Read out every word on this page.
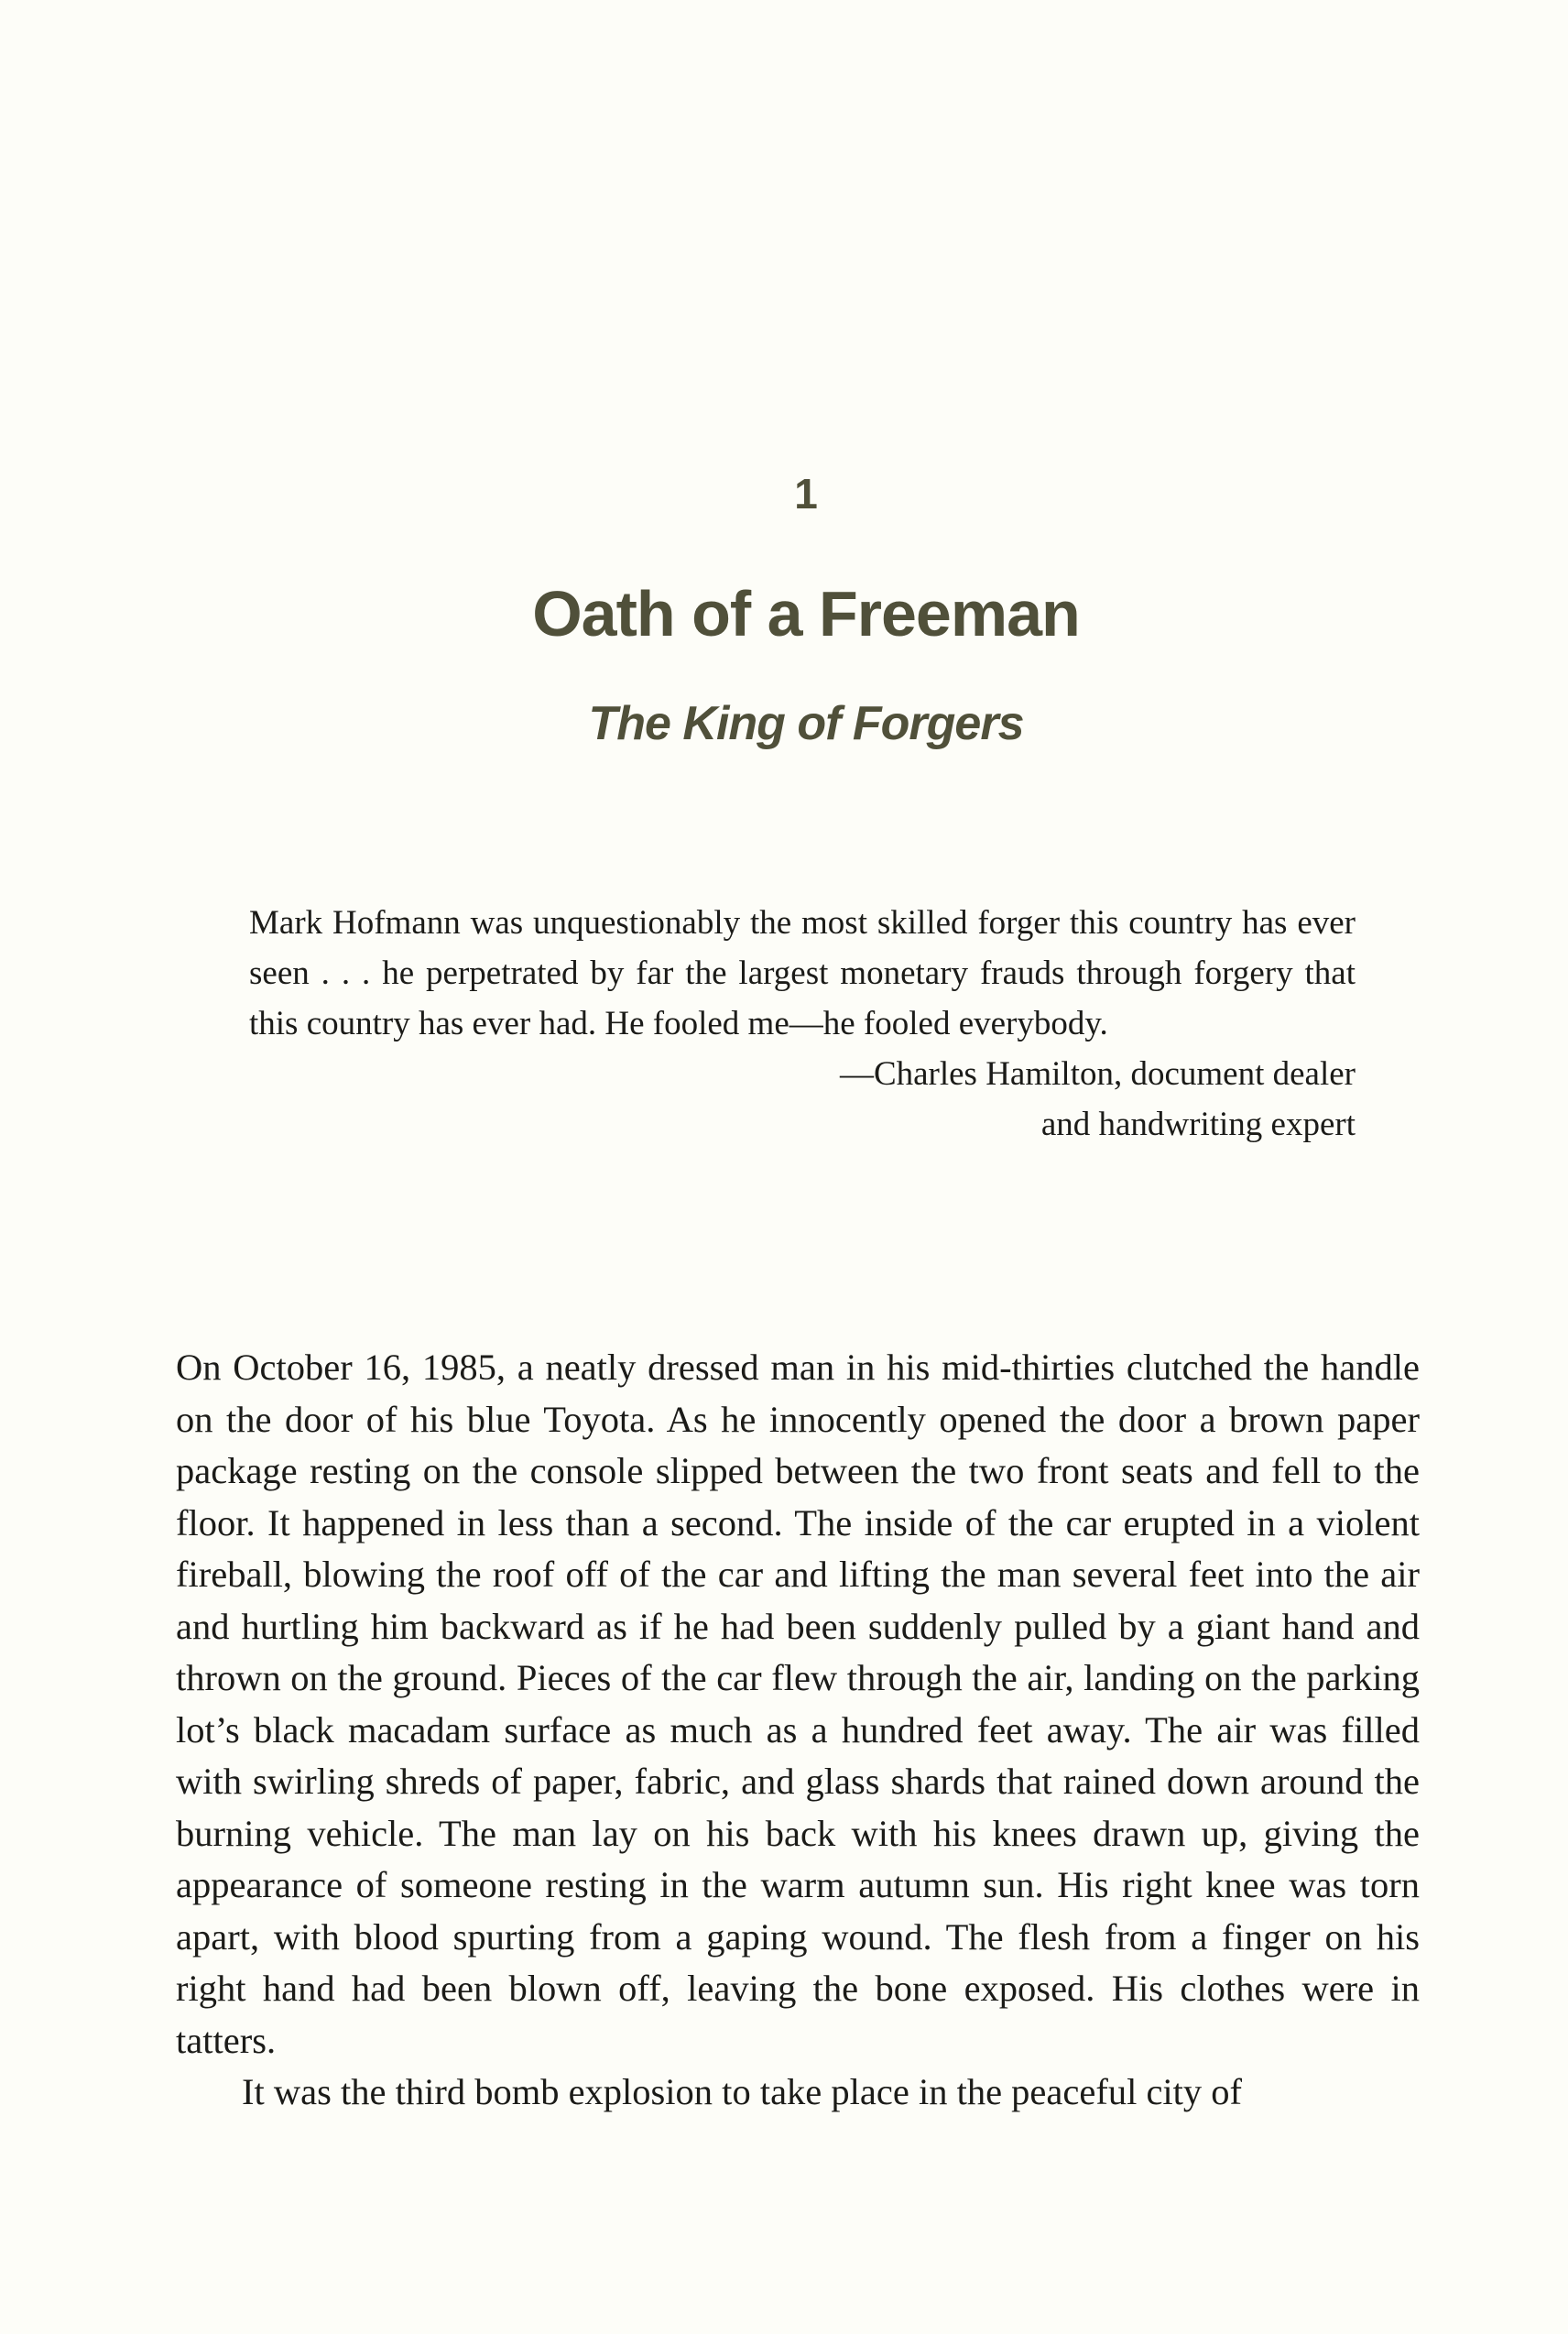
1
Oath of a Freeman
The King of Forgers

Mark Hofmann was unquestionably the most skilled forger this country has ever seen . . . he perpetrated by far the largest monetary frauds through forgery that this country has ever had. He fooled me—he fooled everybody.

—Charles Hamilton, document dealer
and handwriting expert

On October 16, 1985, a neatly dressed man in his mid-thirties clutched the handle on the door of his blue Toyota. As he innocently opened the door a brown paper package resting on the console slipped between the two front seats and fell to the floor. It happened in less than a second. The inside of the car erupted in a violent fireball, blowing the roof off of the car and lifting the man several feet into the air and hurtling him backward as if he had been suddenly pulled by a giant hand and thrown on the ground. Pieces of the car flew through the air, landing on the parking lot’s black macadam surface as much as a hundred feet away. The air was filled with swirling shreds of paper, fabric, and glass shards that rained down around the burning vehicle. The man lay on his back with his knees drawn up, giving the appearance of someone resting in the warm autumn sun. His right knee was torn apart, with blood spurting from a gaping wound. The flesh from a finger on his right hand had been blown off, leaving the bone exposed. His clothes were in tatters.

It was the third bomb explosion to take place in the peaceful city of
